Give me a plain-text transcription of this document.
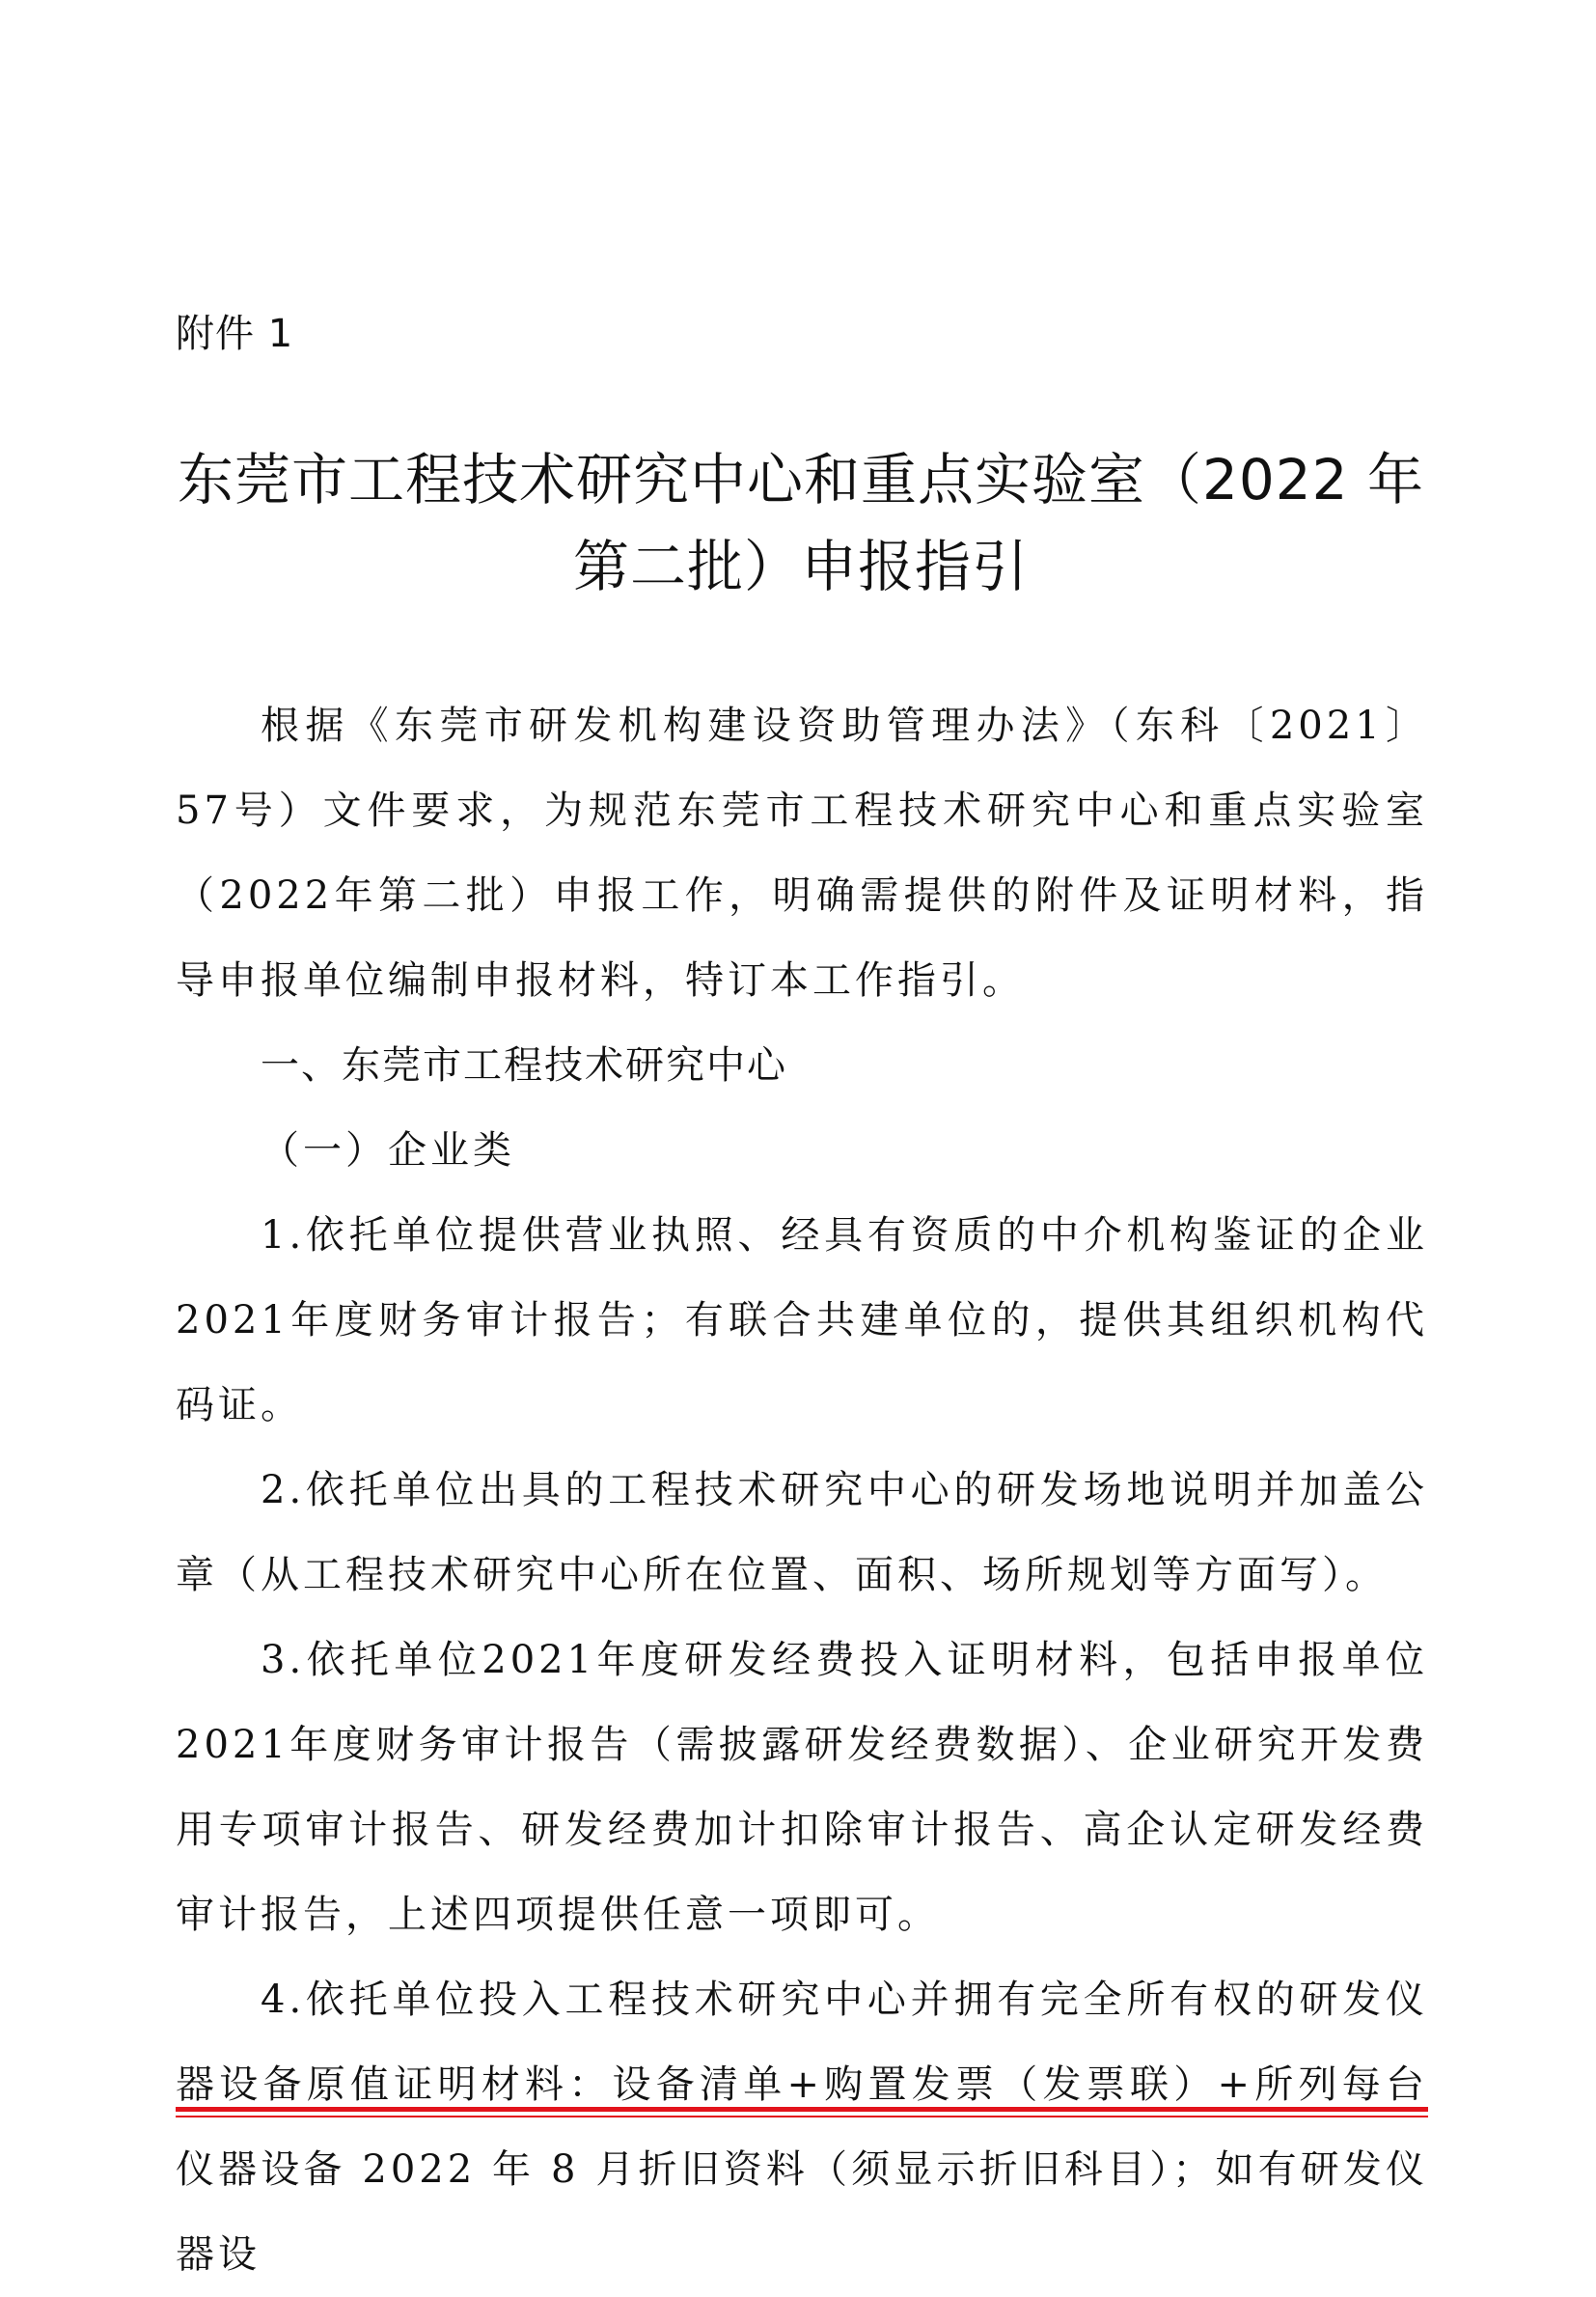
附件 1
东莞市工程技术研究中心和重点实验室（2022 年
第二批）申报指引

根据《东莞市研发机构建设资助管理办法》（东科〔2021〕57号）文件要求，为规范东莞市工程技术研究中心和重点实验室（2022年第二批）申报工作，明确需提供的附件及证明材料，指导申报单位编制申报材料，特订本工作指引。

一、东莞市工程技术研究中心

（一）企业类

1.依托单位提供营业执照、经具有资质的中介机构鉴证的企业2021年度财务审计报告；有联合共建单位的，提供其组织机构代码证。

2.依托单位出具的工程技术研究中心的研发场地说明并加盖公章（从工程技术研究中心所在位置、面积、场所规划等方面写）。

3.依托单位2021年度研发经费投入证明材料，包括申报单位2021年度财务审计报告（需披露研发经费数据）、企业研究开发费用专项审计报告、研发经费加计扣除审计报告、高企认定研发经费审计报告，上述四项提供任意一项即可。

4.依托单位投入工程技术研究中心并拥有完全所有权的研发仪器设备原值证明材料：设备清单+购置发票（发票联）+所列每台仪器设备 2022 年 8 月折旧资料（须显示折旧科目）；如有研发仪器设
